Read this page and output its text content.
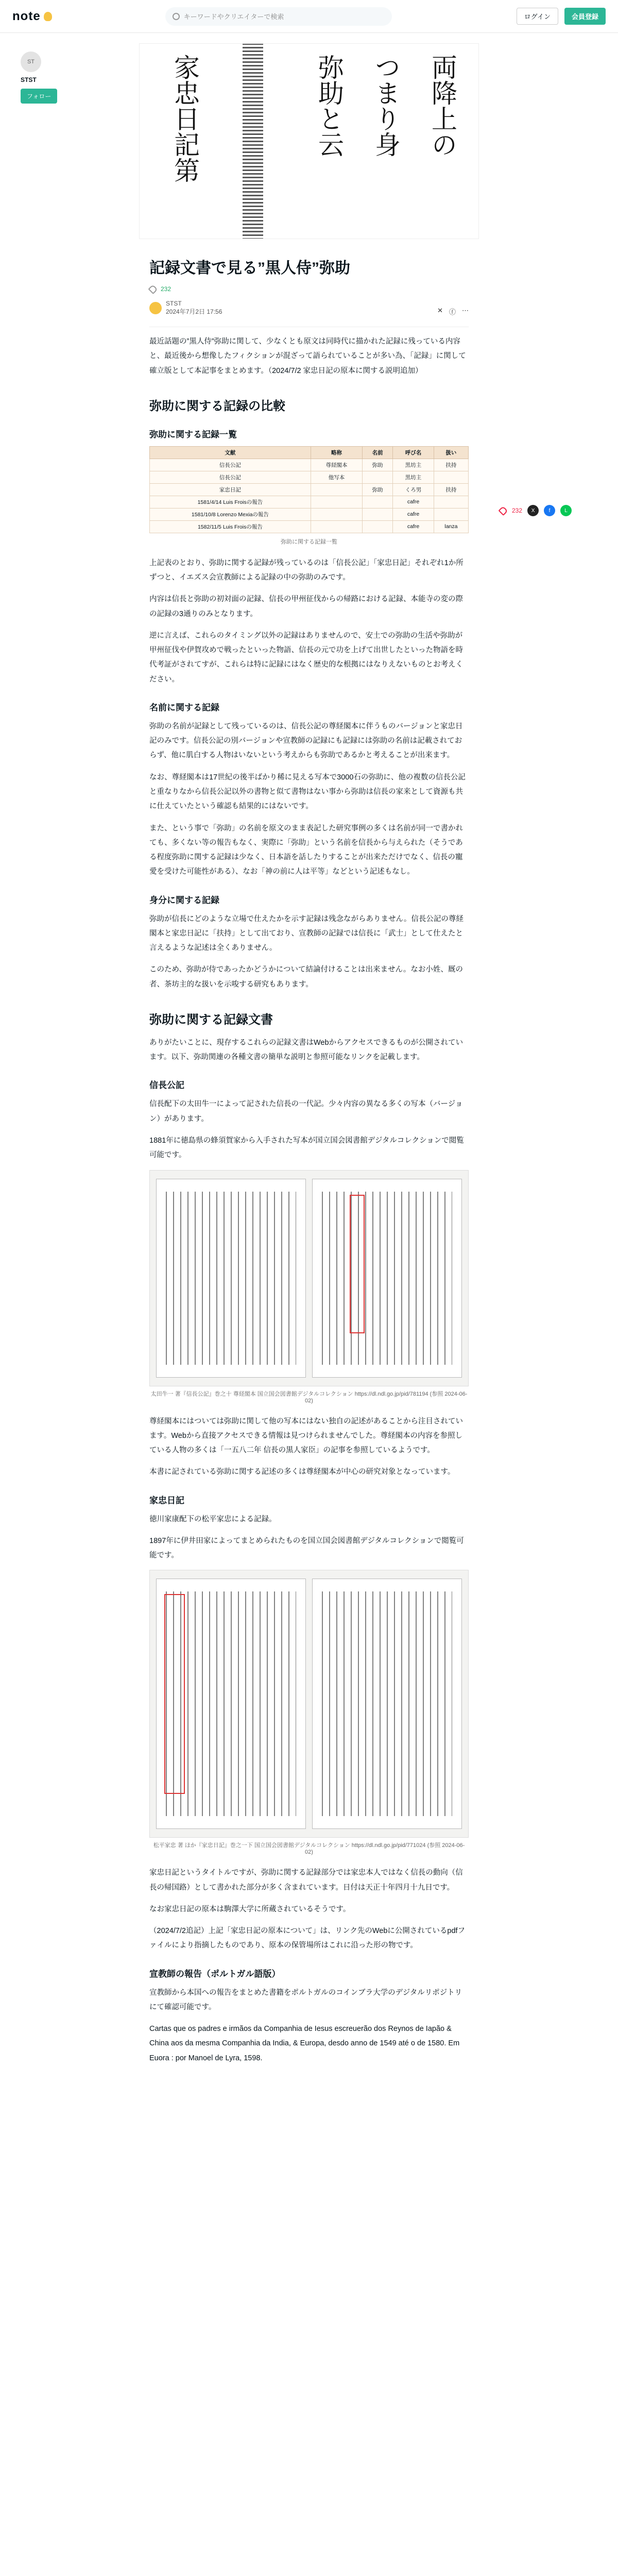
note	キーワードやクリエイターで検索	ログイン	会員登録
ST
STST
フォロー	両降上の
つまり身
弥助と云
家忠日記第
232	X	f	L
記録文書で見る”黒人侍”弥助
232
STST
2024年7月2日 17:56	✕ ⓕ ⋯

最近話題の”黒人侍”弥助に関して、少なくとも原文は同時代に描かれた記録に残っている内容と、最近後から想像したフィクションが混ざって語られていることが多い為、「記録」に関して確立版として本記事をまとめます。（2024/7/2 家忠日記の原本に関する説明追加）

弥助に関する記録の比較
弥助に関する記録一覧
文献	略称	名前	呼び名	扱い
信長公記	尊経閣本	弥助	黒坊主	扶持
信長公記	他写本		黒坊主	
家忠日記		弥助	くろ男	扶持
1581/4/14 Luis Froisの報告			cafre	
1581/10/8 Lorenzo Mexiaの報告			cafre	
1582/11/5 Luis Froisの報告			cafre	lanza
弥助に関する記録一覧

上記表のとおり、弥助に関する記録が残っているのは「信長公記」「家忠日記」それぞれ1か所ずつと、イエズス会宣教師による記録の中の弥助のみです。

内容は信長と弥助の初対面の記録、信長の甲州征伐からの帰路における記録、本能寺の変の際の記録の3通りのみとなります。

逆に言えば、これらのタイミング以外の記録はありませんので、安土での弥助の生活や弥助が甲州征伐や伊賀攻めで戦ったといった物語、信長の元で功を上げて出世したといった物語を時代考証がされてすが、これらは特に記録にはなく歴史的な根拠にはなりえないものとお考えください。

名前に関する記録

弥助の名前が記録として残っているのは、信長公記の尊経閣本に伴うものバージョンと家忠日記のみです。信長公記の別バージョンや宣教師の記録にも記録には弥助の名前は記載されておらず、他に肌白する人物はいないという考えからも弥助であるかと考えることが出来ます。

なお、尊経閣本は17世紀の後半ばかり稀に見える写本で3000石の弥助に、他の複数の信長公記と重なりなから信長公記以外の書物と似て書物はない事から弥助は信長の家来として資源も共に仕えていたという確認も結果的にはないです。

また、という事で「弥助」の名前を原文のまま表記した研究事例の多くは名前が同一で書かれても、多くない等の報告もなく、実際に「弥助」という名前を信長から与えられた（そうである程度弥助に関する記録は少なく、日本語を話したりすることが出来ただけでなく、信長の寵愛を受けた可能性がある）、なお「神の前に人は平等」などという記述もなし。

身分に関する記録

弥助が信長にどのような立場で仕えたかを示す記録は残念ながらありません。信長公記の尊経閣本と家忠日記に「扶持」として出ており、宣教師の記録では信長に「武士」として仕えたと言えるような記述は全くありません。

このため、弥助が侍であったかどうかについて結論付けることは出来ません。なお小姓、厩の者、茶坊主的な扱いを示唆する研究もあります。

弥助に関する記録文書

ありがたいことに、現存するこれらの記録文書はWebからアクセスできるものが公開されています。以下、弥助関連の各種文書の簡単な説明と参照可能なリンクを記載します。

信長公記

信長配下の太田牛一によって記された信長の一代記。少々内容の異なる多くの写本（バージョン）があります。

1881年に徳島県の蜂須賀家から入手された写本が国立国会図書館デジタルコレクションで閲覧可能です。

太田牛一 著『信長公記』巻之十 尊経閣本 国立国会図書館デジタルコレクション https://dl.ndl.go.jp/pid/781194 (参照 2024-06-02)

尊経閣本にはついては弥助に関して他の写本にはない独自の記述があることから注目されています。Webから直接アクセスできる情報は見つけられませんでした。尊経閣本の内容を参照している人物の多くは「一五八二年 信長の黒人家臣」の記事を参照しているようです。

本書に記されている弥助に関する記述の多くは尊経閣本が中心の研究対象となっています。

家忠日記

徳川家康配下の松平家忠による記録。

1897年に伊井田家によってまとめられたものを国立国会図書館デジタルコレクションで閲覧可能です。

松平家忠 著 ほか『家忠日記』巻之一下 国立国会図書館デジタルコレクション https://dl.ndl.go.jp/pid/771024 (参照 2024-06-02)

家忠日記というタイトルですが、弥助に関する記録部分では家忠本人ではなく信長の動向（信長の帰国路）として書かれた部分が多く含まれています。日付は天正十年四月十九日です。

なお家忠日記の原本は駒澤大学に所蔵されているそうです。

（2024/7/2追記）上記「家忠日記の原本について」は、リンク先のWebに公開されているpdfファイルにより指摘したものであり、原本の保管場所はこれに沿った形の物です。

宣教師の報告（ポルトガル語版）

宣教師から本国への報告をまとめた書籍をポルトガルのコインブラ大学のデジタルリポジトリにて確認可能です。

Cartas que os padres e irmãos da Companhia de Iesus escreuerão dos Reynos de Iapão & China aos da mesma Companhia da India, & Europa, desdo anno de 1549 até o de 1580. Em Euora : por Manoel de Lyra, 1598.
